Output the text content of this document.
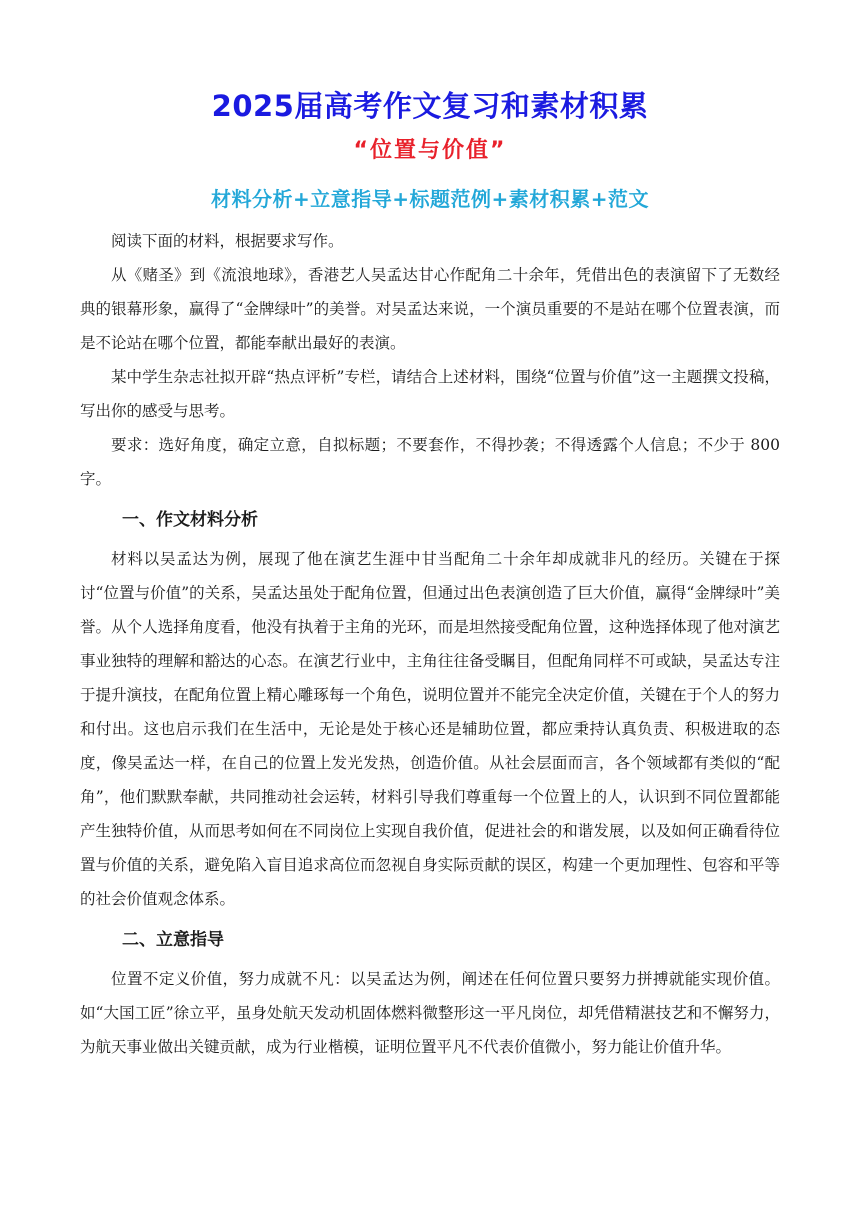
2025届高考作文复习和素材积累
“位置与价值”
材料分析+立意指导+标题范例+素材积累+范文

阅读下面的材料，根据要求写作。

从《赌圣》到《流浪地球》，香港艺人吴孟达甘心作配角二十余年，凭借出色的表演留下了无数经典的银幕形象，赢得了“金牌绿叶”的美誉。对吴孟达来说，一个演员重要的不是站在哪个位置表演，而是不论站在哪个位置，都能奉献出最好的表演。

某中学生杂志社拟开辟“热点评析”专栏，请结合上述材料，围绕“位置与价值”这一主题撰文投稿，写出你的感受与思考。

要求：选好角度，确定立意，自拟标题；不要套作，不得抄袭；不得透露个人信息；不少于 800 字。

一、作文材料分析

材料以吴孟达为例，展现了他在演艺生涯中甘当配角二十余年却成就非凡的经历。关键在于探讨“位置与价值”的关系，吴孟达虽处于配角位置，但通过出色表演创造了巨大价值，赢得“金牌绿叶”美誉。从个人选择角度看，他没有执着于主角的光环，而是坦然接受配角位置，这种选择体现了他对演艺事业独特的理解和豁达的心态。在演艺行业中，主角往往备受瞩目，但配角同样不可或缺，吴孟达专注于提升演技，在配角位置上精心雕琢每一个角色，说明位置并不能完全决定价值，关键在于个人的努力和付出。这也启示我们在生活中，无论是处于核心还是辅助位置，都应秉持认真负责、积极进取的态度，像吴孟达一样，在自己的位置上发光发热，创造价值。从社会层面而言，各个领域都有类似的“配角”，他们默默奉献，共同推动社会运转，材料引导我们尊重每一个位置上的人，认识到不同位置都能产生独特价值，从而思考如何在不同岗位上实现自我价值，促进社会的和谐发展，以及如何正确看待位置与价值的关系，避免陷入盲目追求高位而忽视自身实际贡献的误区，构建一个更加理性、包容和平等的社会价值观念体系。

二、立意指导

位置不定义价值，努力成就不凡：以吴孟达为例，阐述在任何位置只要努力拼搏就能实现价值。如“大国工匠”徐立平，虽身处航天发动机固体燃料微整形这一平凡岗位，却凭借精湛技艺和不懈努力，为航天事业做出关键贡献，成为行业楷模，证明位置平凡不代表价值微小，努力能让价值升华。
